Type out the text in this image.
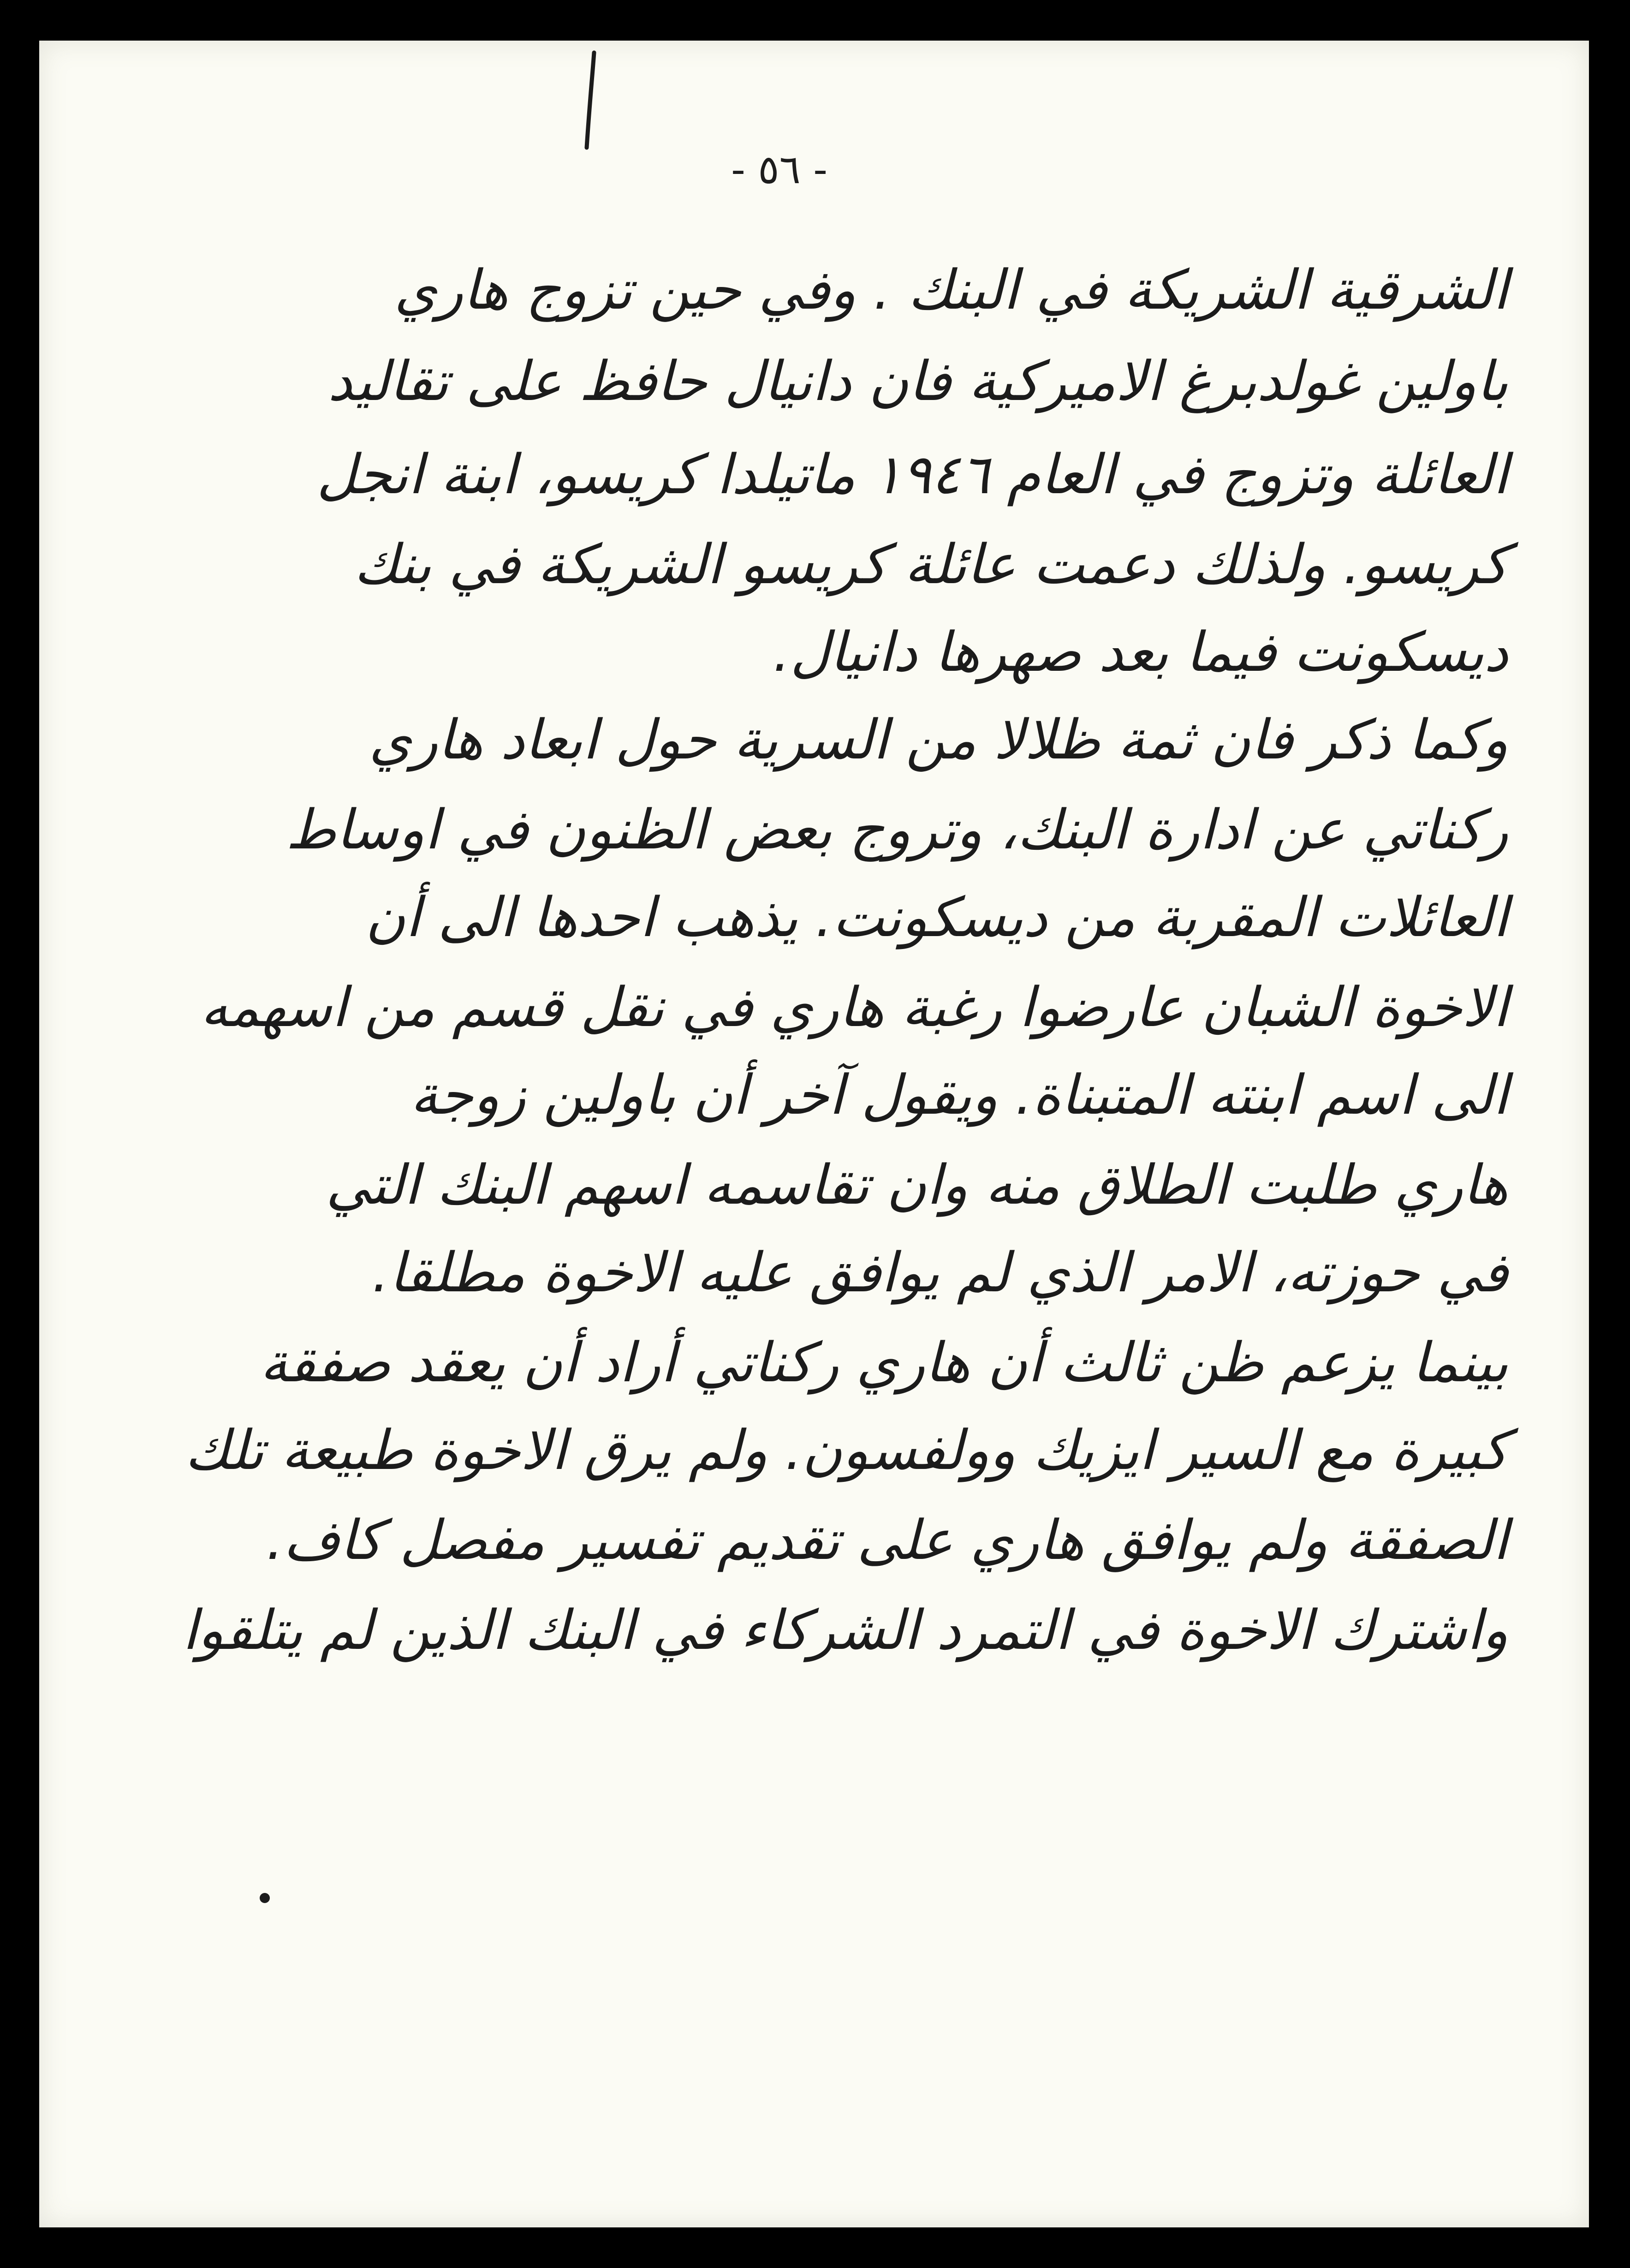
- ٥٦ -
الشرقية الشريكة في البنك . وفي حين تزوج هاري
باولين غولدبرغ الاميركية فان دانيال حافظ على تقاليد
العائلة وتزوج في العام ١٩٤٦ ماتيلدا كريسو، ابنة انجل
كريسو. ولذلك دعمت عائلة كريسو الشريكة في بنك
ديسكونت فيما بعد صهرها دانيال.
وكما ذكر فان ثمة ظلالا من السرية حول ابعاد هاري
ركناتي عن ادارة البنك، وتروج بعض الظنون في اوساط
العائلات المقربة من ديسكونت. يذهب احدها الى أن
الاخوة الشبان عارضوا رغبة هاري في نقل قسم من اسهمه
الى اسم ابنته المتبناة. ويقول آخر أن باولين زوجة
هاري طلبت الطلاق منه وان تقاسمه اسهم البنك التي
في حوزته، الامر الذي لم يوافق عليه الاخوة مطلقا.
بينما يزعم ظن ثالث أن هاري ركناتي أراد أن يعقد صفقة
كبيرة مع السير ايزيك وولفسون. ولم يرق الاخوة طبيعة تلك
الصفقة ولم يوافق هاري على تقديم تفسير مفصل كاف.
واشترك الاخوة في التمرد الشركاء في البنك الذين لم يتلقوا
